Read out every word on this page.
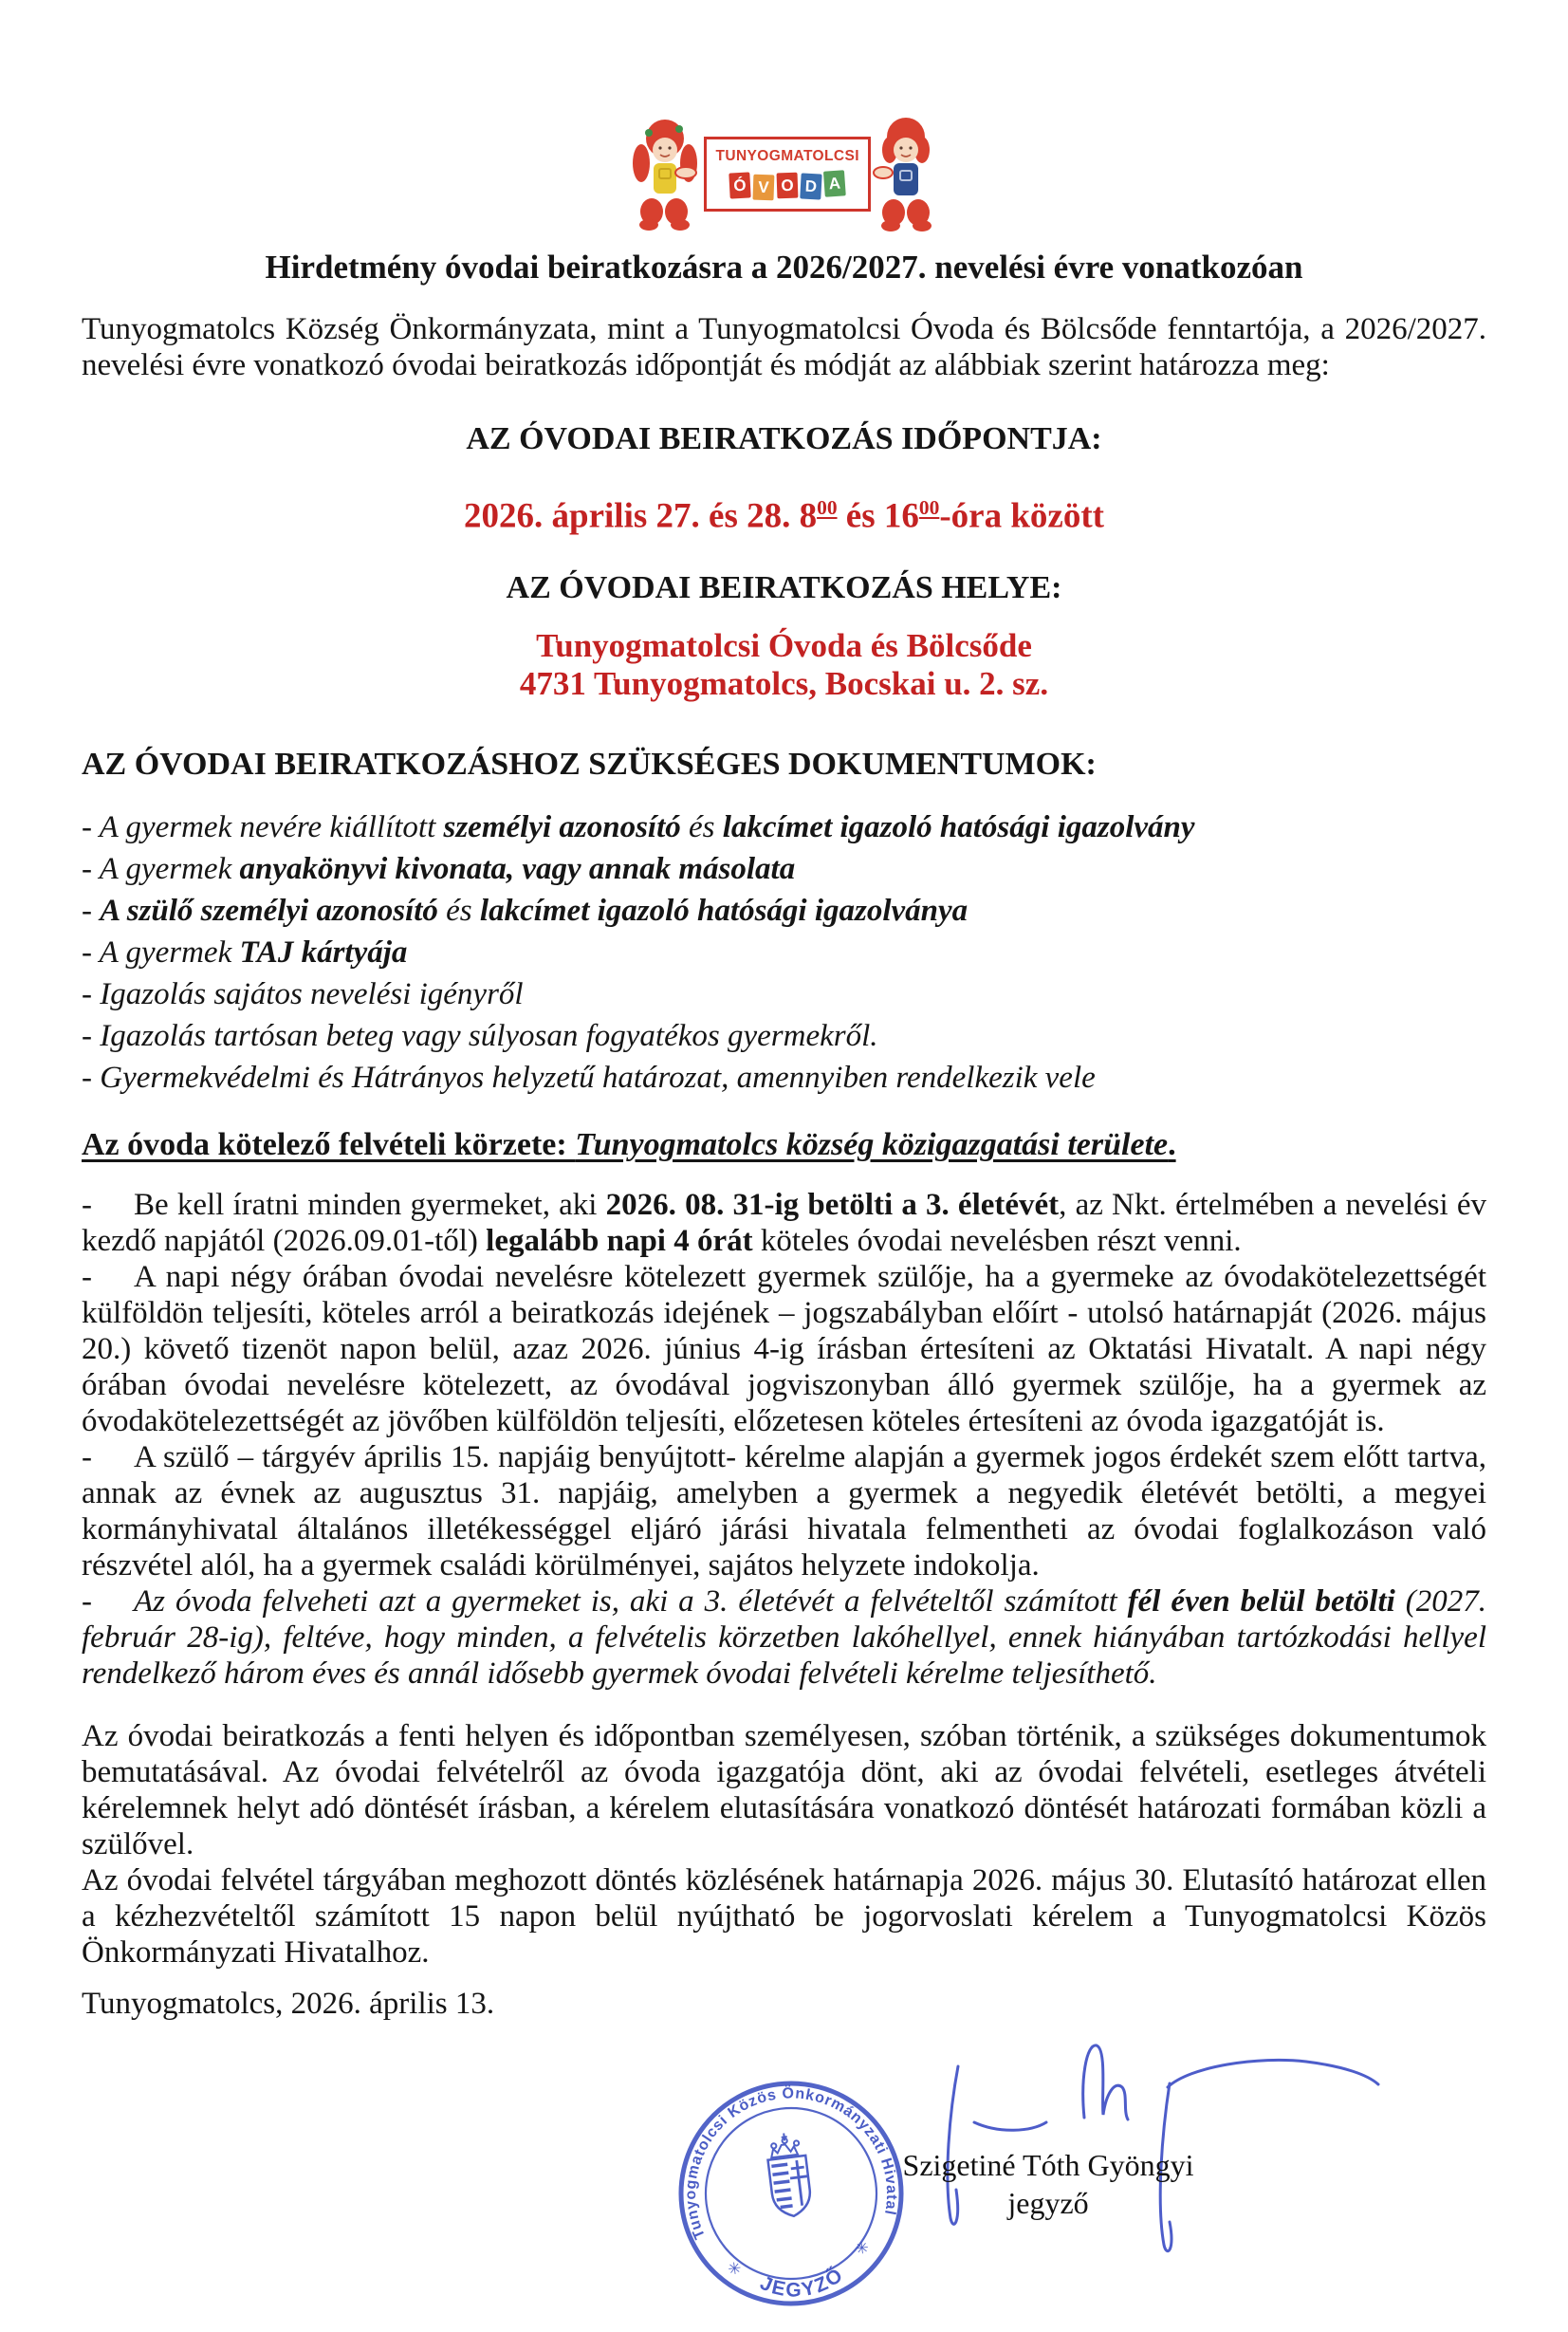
TUNYOGMATOLCSI
Ó V O D A
Hirdetmény óvodai beiratkozásra a 2026/2027. nevelési évre vonatkozóan

Tunyogmatolcs Község Önkormányzata, mint a Tunyogmatolcsi Óvoda és Bölcsőde fenntartója, a 2026/2027. nevelési évre vonatkozó óvodai beiratkozás időpontját és módját az alábbiak szerint határozza meg:

AZ ÓVODAI BEIRATKOZÁS IDŐPONTJA:

2026. április 27. és 28. $8^{00}$ és $16^{00}$-óra között

AZ ÓVODAI BEIRATKOZÁS HELYE:

Tunyogmatolcsi Óvoda és Bölcsőde
4731 Tunyogmatolcs, Bocskai u. 2. sz.

AZ ÓVODAI BEIRATKOZÁSHOZ SZÜKSÉGES DOKUMENTUMOK:

- A gyermek nevére kiállított személyi azonosító és lakcímet igazoló hatósági igazolvány

- A gyermek anyakönyvi kivonata, vagy annak másolata

- A szülő személyi azonosító és lakcímet igazoló hatósági igazolványa

- A gyermek TAJ kártyája

- Igazolás sajátos nevelési igényről

- Igazolás tartósan beteg vagy súlyosan fogyatékos gyermekről.

- Gyermekvédelmi és Hátrányos helyzetű határozat, amennyiben rendelkezik vele

Az óvoda kötelező felvételi körzete: Tunyogmatolcs község közigazgatási területe.

- Be kell íratni minden gyermeket, aki 2026. 08. 31-ig betölti a 3. életévét, az Nkt. értelmében a nevelési év kezdő napjától (2026.09.01-től) legalább napi 4 órát köteles óvodai nevelésben részt venni.

- A napi négy órában óvodai nevelésre kötelezett gyermek szülője, ha a gyermeke az óvodakötelezettségét külföldön teljesíti, köteles arról a beiratkozás idejének – jogszabályban előírt - utolsó határnapját (2026. május 20.) követő tizenöt napon belül, azaz 2026. június 4-ig írásban értesíteni az Oktatási Hivatalt. A napi négy órában óvodai nevelésre kötelezett, az óvodával jogviszonyban álló gyermek szülője, ha a gyermek az óvodakötelezettségét az jövőben külföldön teljesíti, előzetesen köteles értesíteni az óvoda igazgatóját is.

- A szülő – tárgyév április 15. napjáig benyújtott- kérelme alapján a gyermek jogos érdekét szem előtt tartva, annak az évnek az augusztus 31. napjáig, amelyben a gyermek a negyedik életévét betölti, a megyei kormányhivatal általános illetékességgel eljáró járási hivatala felmentheti az óvodai foglalkozáson való részvétel alól, ha a gyermek családi körülményei, sajátos helyzete indokolja.

- Az óvoda felveheti azt a gyermeket is, aki a 3. életévét a felvételtől számított fél éven belül betölti (2027. február 28-ig), feltéve, hogy minden, a felvételis körzetben lakóhellyel, ennek hiányában tartózkodási hellyel rendelkező három éves és annál idősebb gyermek óvodai felvételi kérelme teljesíthető.

Az óvodai beiratkozás a fenti helyen és időpontban személyesen, szóban történik, a szükséges dokumentumok bemutatásával. Az óvodai felvételről az óvoda igazgatója dönt, aki az óvodai felvételi, esetleges átvételi kérelemnek helyt adó döntését írásban, a kérelem elutasítására vonatkozó döntését határozati formában közli a szülővel.

Az óvodai felvétel tárgyában meghozott döntés közlésének határnapja 2026. május 30. Elutasító határozat ellen a kézhezvételtől számított 15 napon belül nyújtható be jogorvoslati kérelem a Tunyogmatolcsi Közös Önkormányzati Hivatalhoz.

Tunyogmatolcs, 2026. április 13.

Tunyogmatolcsi Közös Önkormányzati Hivatal
JEGYZŐ
✳
✳
Szigetiné Tóth Gyöngyi
jegyző
